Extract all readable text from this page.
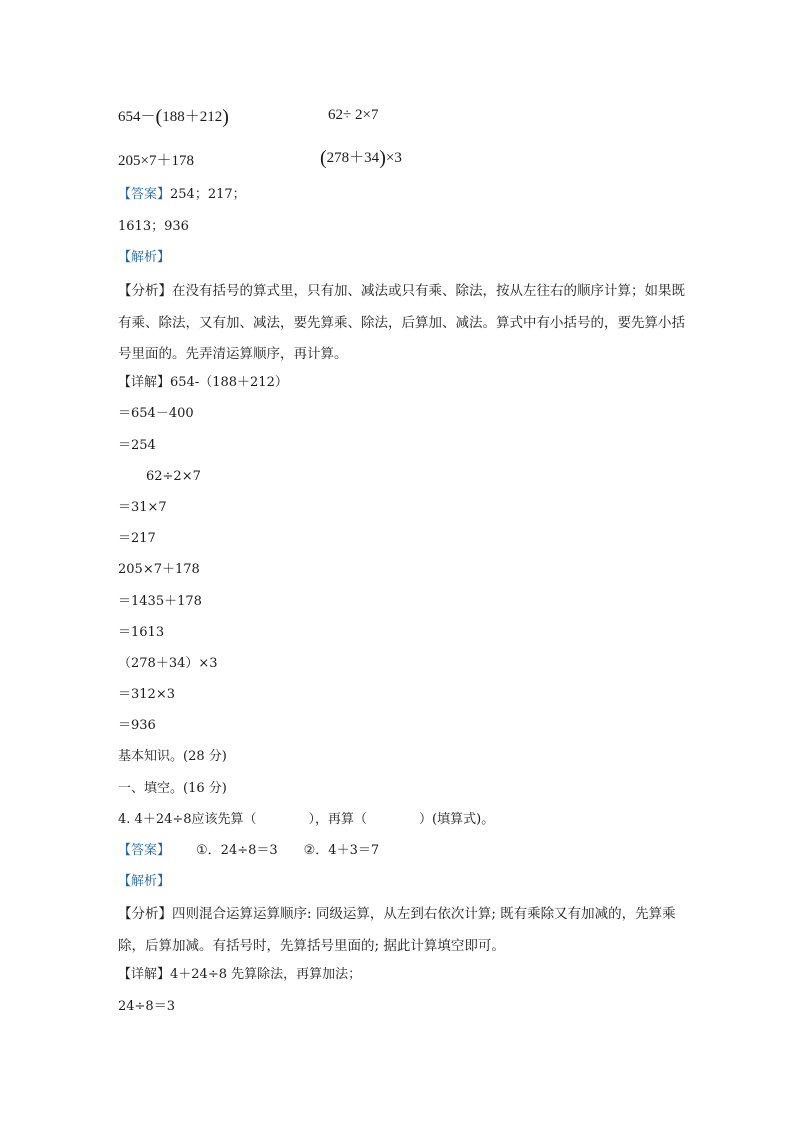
654－(188＋212)	62÷ 2×7
205×7＋178	(278＋34)×3
【答案】254；217；
1613；936
【解析】
【分析】在没有括号的算式里，只有加、减法或只有乘、除法，按从左往右的顺序计算；如果既有乘、除法，又有加、减法，要先算乘、除法，后算加、减法。算式中有小括号的，要先算小括号里面的。先弄清运算顺序，再计算。
【详解】654-（188＋212）
＝654－400
＝254
62÷2×7
＝31×7
＝217
205×7＋178
＝1435＋178
＝1613
（278＋34）×3
＝312×3
＝936
基本知识。(28 分)
一、填空。(16 分)
4. 4＋24÷8应该先算（	），再算（	）(填算式)。
【答案】 ①．24÷8＝3 ②．4＋3＝7
【解析】
【分析】四则混合运算运算顺序: 同级运算，从左到右依次计算; 既有乘除又有加减的，先算乘除，后算加减。有括号时，先算括号里面的; 据此计算填空即可。
【详解】4＋24÷8 先算除法，再算加法；
24÷8＝3
